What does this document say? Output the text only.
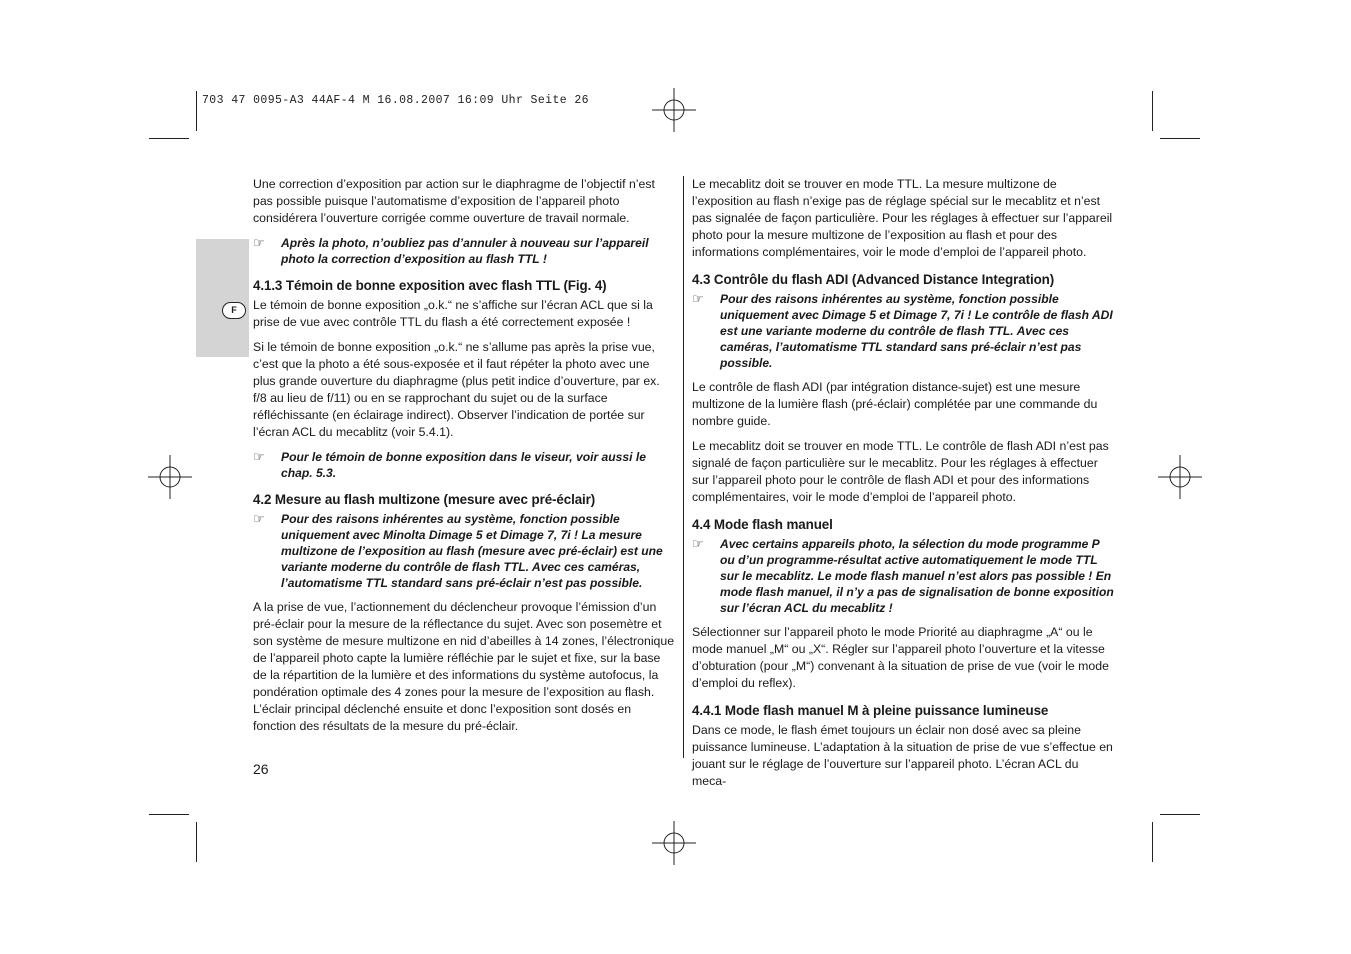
703 47 0095-A3 44AF-4 M 16.08.2007 16:09 Uhr Seite 26
F

Une correction d’exposition par action sur le diaphragme de l’objectif n’est pas possible puisque l’automatisme d’exposition de l’appareil photo considérera l’ouverture corrigée comme ouverture de travail normale.

☞	Après la photo, n’oubliez pas d’annuler à nouveau sur l’appareil photo la correction d’exposition au flash TTL !
4.1.3 Témoin de bonne exposition avec flash TTL (Fig. 4)

Le témoin de bonne exposition „o.k.“ ne s’affiche sur l’écran ACL que si la prise de vue avec contrôle TTL du flash a été correctement exposée !

Si le témoin de bonne exposition „o.k.“ ne s’allume pas après la prise vue, c’est que la photo a été sous-exposée et il faut répéter la photo avec une plus grande ouverture du diaphragme (plus petit indice d’ouverture, par ex. f/8 au lieu de f/11) ou en se rapprochant du sujet ou de la surface réfléchissante (en éclairage indirect). Observer l’indication de portée sur l’écran ACL du mecablitz (voir 5.4.1).

☞	Pour le témoin de bonne exposition dans le viseur, voir aussi le chap. 5.3.
4.2 Mesure au flash multizone (mesure avec pré-éclair)
☞	Pour des raisons inhérentes au système, fonction possible uniquement avec Minolta Dimage 5 et Dimage 7, 7i ! La mesure multizone de l’exposition au flash (mesure avec pré-éclair) est une variante moderne du contrôle de flash TTL. Avec ces caméras, l’automatisme TTL standard sans pré-éclair n’est pas possible.

A la prise de vue, l’actionnement du déclencheur provoque l’émission d’un pré-éclair pour la mesure de la réflectance du sujet. Avec son posemètre et son système de mesure multizone en nid d’abeilles à 14 zones, l’électronique de l’appareil photo capte la lumière réfléchie par le sujet et fixe, sur la base de la répartition de la lumière et des informations du système autofocus, la pondération optimale des 4 zones pour la mesure de l’exposition au flash. L’éclair principal déclenché ensuite et donc l’exposition sont dosés en fonction des résultats de la mesure du pré-éclair.

Le mecablitz doit se trouver en mode TTL. La mesure multizone de l’exposition au flash n’exige pas de réglage spécial sur le mecablitz et n’est pas signalée de façon particulière. Pour les réglages à effectuer sur l’appareil photo pour la mesure multizone de l’exposition au flash et pour des informations complémentaires, voir le mode d’emploi de l’appareil photo.

4.3 Contrôle du flash ADI (Advanced Distance Integration)
☞	Pour des raisons inhérentes au système, fonction possible uniquement avec Dimage 5 et Dimage 7, 7i ! Le contrôle de flash ADI est une variante moderne du contrôle de flash TTL. Avec ces caméras, l’automatisme TTL standard sans pré-éclair n’est pas possible.

Le contrôle de flash ADI (par intégration distance-sujet) est une mesure multizone de la lumière flash (pré-éclair) complétée par une commande du nombre guide.

Le mecablitz doit se trouver en mode TTL. Le contrôle de flash ADI n’est pas signalé de façon particulière sur le mecablitz. Pour les réglages à effectuer sur l’appareil photo pour le contrôle de flash ADI et pour des informations complémentaires, voir le mode d’emploi de l’appareil photo.

4.4 Mode flash manuel
☞	Avec certains appareils photo, la sélection du mode programme P ou d’un programme-résultat active automatiquement le mode TTL sur le mecablitz. Le mode flash manuel n’est alors pas possible ! En mode flash manuel, il n’y a pas de signalisation de bonne exposition sur l’écran ACL du mecablitz !

Sélectionner sur l’appareil photo le mode Priorité au diaphragme „A“ ou le mode manuel „M“ ou „X“. Régler sur l’appareil photo l’ouverture et la vitesse d’obturation (pour „M“) convenant à la situation de prise de vue (voir le mode d’emploi du reflex).

4.4.1 Mode flash manuel M à pleine puissance lumineuse

Dans ce mode, le flash émet toujours un éclair non dosé avec sa pleine puissance lumineuse. L’adaptation à la situation de prise de vue s’effectue en jouant sur le réglage de l’ouverture sur l’appareil photo. L’écran ACL du meca-

26
